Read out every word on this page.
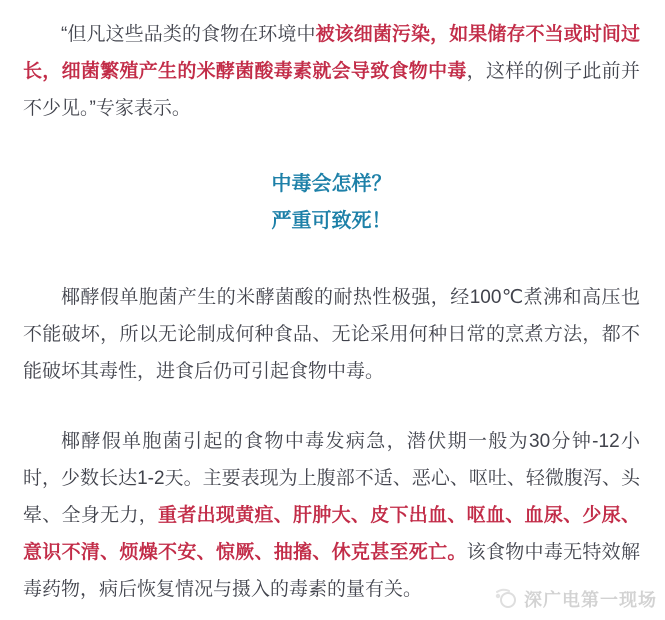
“但凡这些品类的食物在环境中被该细菌污染，如果储存不当或时间过长，细菌繁殖产生的米酵菌酸毒素就会导致食物中毒，这样的例子此前并不少见。”专家表示。

中毒会怎样？
严重可致死！

椰酵假单胞菌产生的米酵菌酸的耐热性极强，经100℃煮沸和高压也不能破坏，所以无论制成何种食品、无论采用何种日常的烹煮方法，都不能破坏其毒性，进食后仍可引起食物中毒。

椰酵假单胞菌引起的食物中毒发病急，潜伏期一般为30分钟-12小时，少数长达1-2天。主要表现为上腹部不适、恶心、呕吐、轻微腹泻、头晕、全身无力，重者出现黄疸、肝肿大、皮下出血、呕血、血尿、少尿、意识不清、烦燥不安、惊厥、抽搐、休克甚至死亡。该食物中毒无特效解毒药物，病后恢复情况与摄入的毒素的量有关。	深广电第一现场
